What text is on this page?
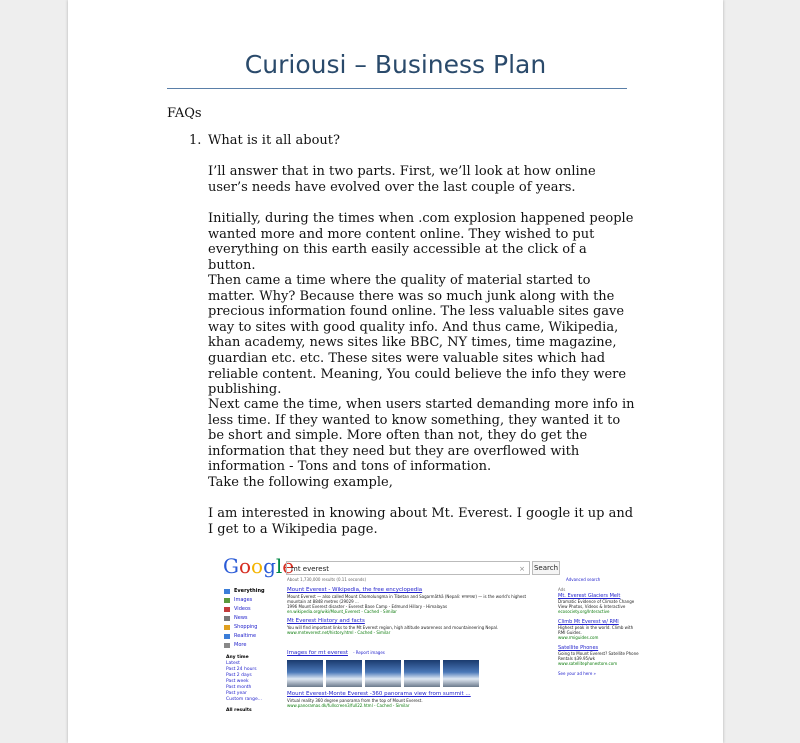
Curiousi – Business Plan
FAQs
1. What is it all about?

I’ll answer that in two parts. First, we’ll look at how online user’s needs have evolved over the last couple of years.

Initially, during the times when .com explosion happened people wanted more and more content online. They wished to put everything on this earth easily accessible at the click of a button.

Then came a time where the quality of material started to matter. Why? Because there was so much junk along with the precious information found online. The less valuable sites gave way to sites with good quality info. And thus came, Wikipedia, khan academy, news sites like BBC, NY times, time magazine, guardian etc. etc. These sites were valuable sites which had reliable content. Meaning, You could believe the info they were publishing.

Next came the time, when users started demanding more info in less time. If they wanted to know something, they wanted it to be short and simple. More often than not, they do get the information that they need but they are overflowed with information - Tons and tons of information.

Take the following example,

I am interested in knowing about Mt. Everest. I google it up and I get to a Wikipedia page.

Google
mt everest	× Search
Advanced search
About 1,730,000 results (0.11 seconds)
Everything
Images
Videos
News
Shopping
Realtime
More
Any time
Latest
Past 24 hours
Past 2 days
Past week
Past month
Past year
Custom range...
All results
Mount Everest - Wikipedia, the free encyclopedia
Mount Everest — also called Mount Chomolungma in Tibetan and Sagarmāthā (Nepali: सगरमाथा) — is the world's highest mountain at 8848 metres (29029 ...
1996 Mount Everest disaster - Everest Base Camp - Edmund Hillary - Himalayas
en.wikipedia.org/wiki/Mount_Everest - Cached - Similar
Mt Everest History and facts
You will find important links to the Mt Everest region, high altitude awareness and mountaineering Nepal.
www.mnteverest.net/history.html - Cached - Similar
Images for mt everest - Report images
Mount Everest-Monte Everest -360 panorama view from summit ...
Virtual reality 360 degree panorama from the top of Mount Everest.
www.panoramas.dk/fullscreen3/full22.html - Cached - Similar
Ads
Mt. Everest Glaciers Melt
Dramatic Evidence of Climate Change View Photos, Videos & Interactive
ecosociety.org/Interactive
Climb Mt Everest w/ RMI
Highest peak in the world. Climb with RMI Guides.
www.rmiguides.com
Satellite Phones
Going to Mount Everest? Satellite Phone Rentals $39.95/wk
www.satellitephonestore.com
See your ad here »
